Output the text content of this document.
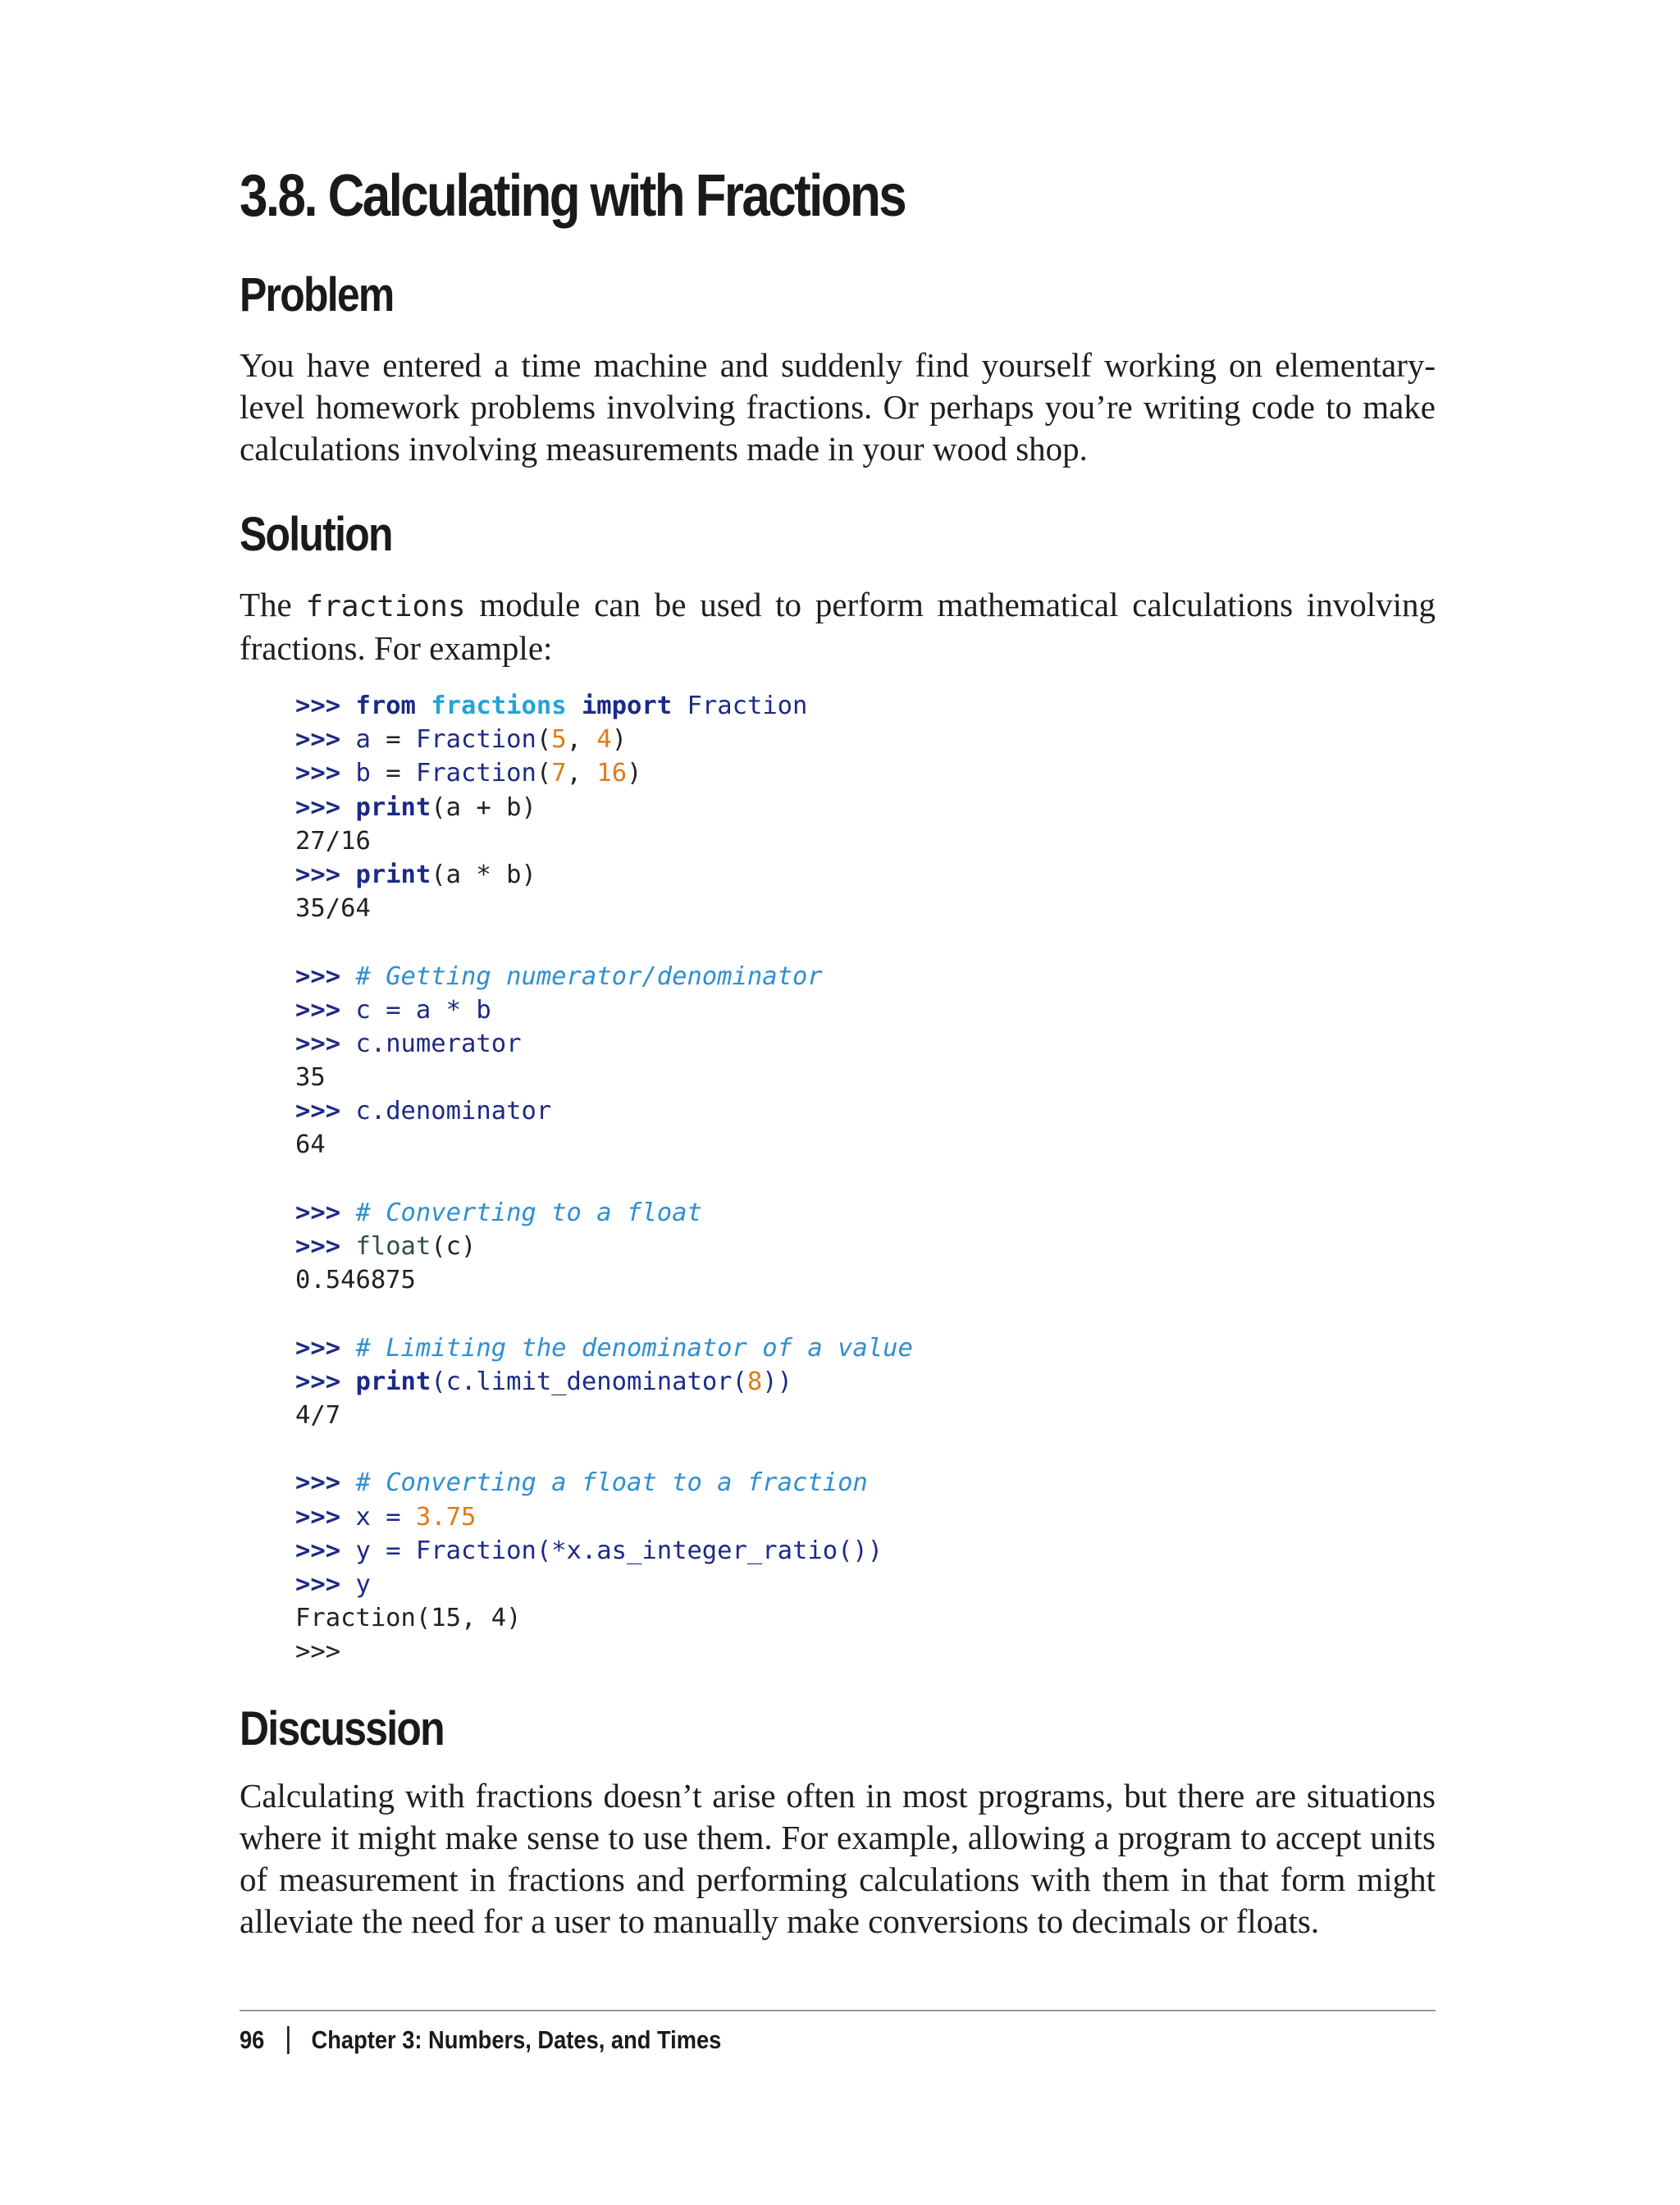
3.8. Calculating with Fractions
Problem

You have entered a time machine and suddenly find yourself working on elementary-level homework problems involving fractions. Or perhaps you’re writing code to make calculations involving measurements made in your wood shop.

Solution

The fractions module can be used to perform mathematical calculations involving fractions. For example:

>>> from fractions import Fraction
>>> a = Fraction(5, 4)
>>> b = Fraction(7, 16)
>>> print(a + b)
27/16
>>> print(a * b)
35/64

>>> # Getting numerator/denominator
>>> c = a * b
>>> c.numerator
35
>>> c.denominator
64

>>> # Converting to a float
>>> float(c)
0.546875

>>> # Limiting the denominator of a value
>>> print(c.limit_denominator(8))
4/7

>>> # Converting a float to a fraction
>>> x = 3.75
>>> y = Fraction(*x.as_integer_ratio())
>>> y
Fraction(15, 4)
>>>
Discussion

Calculating with fractions doesn’t arise often in most programs, but there are situations where it might make sense to use them. For example, allowing a program to accept units of measurement in fractions and performing calculations with them in that form might alleviate the need for a user to manually make conversions to decimals or floats.

96 Chapter 3: Numbers, Dates, and Times
